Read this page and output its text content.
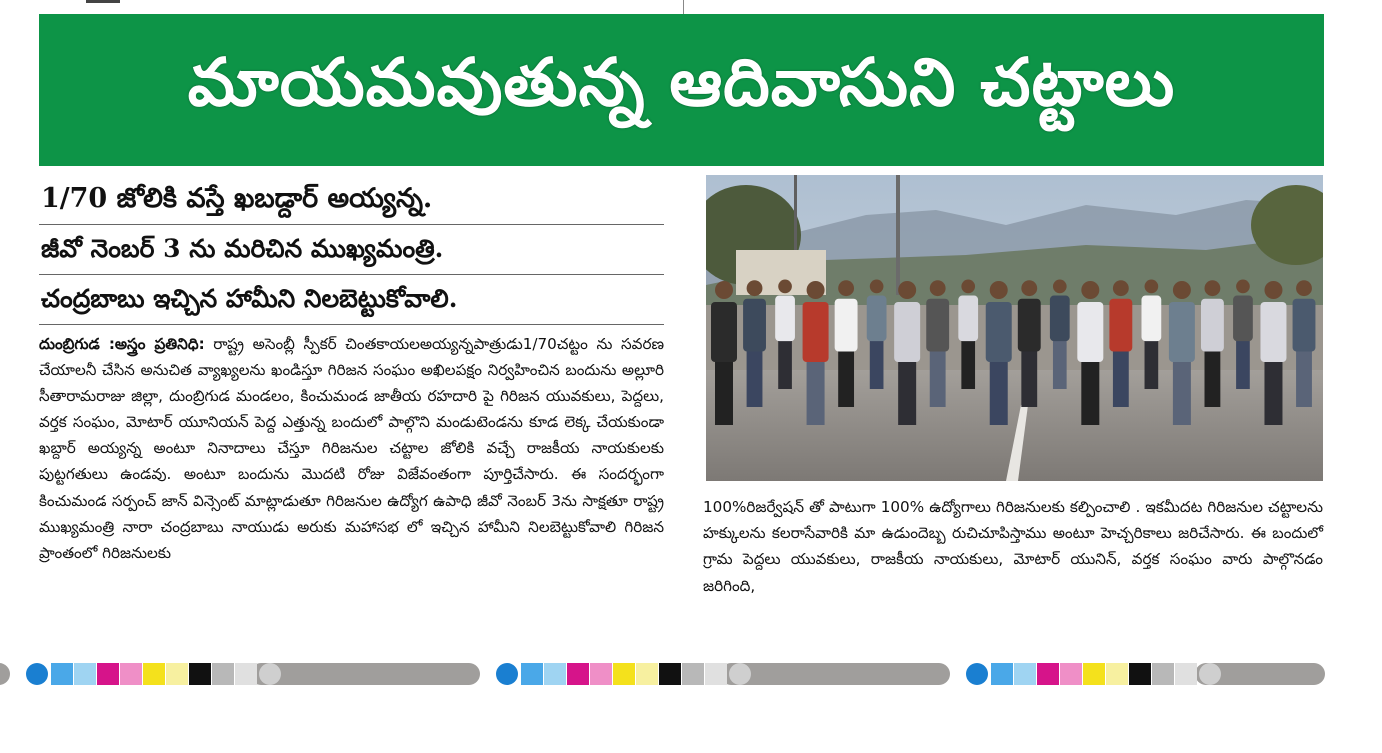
మాయమవుతున్న ఆదివాసుని చట్టాలు
1/70 జోలికి వస్తే ఖబడ్దార్ అయ్యన్న.
జీవో నెంబర్ 3 ను మరిచిన ముఖ్యమంత్రి.
చంద్రబాబు ఇచ్చిన హామీని నిలబెట్టుకోవాలి.
దుంబ్రిగుడ :అస్త్రం ప్రతినిధి: రాష్ట్ర అసెంబ్లీ స్పీకర్ చింతకాయలఅయ్యన్నపాత్రుడు1/70చట్టం ను సవరణ చేయాలనీ చేసిన అనుచిత వ్యాఖ్యలను ఖండిస్తూ గిరిజన సంఘం అఖిలపక్షం నిర్వహించిన బందును అల్లూరి సీతారామరాజు జిల్లా, దుంబ్రిగుడ మండలం, కించుమండ జాతీయ రహదారి పై గిరిజన యువకులు, పెద్దలు, వర్తక సంఘం, మోటార్ యూనియన్ పెద్ద ఎత్తున్న బందులో పాల్గొని మండుటెండను కూడ లెక్క చేయకుండా ఖబ్దార్ అయ్యన్న అంటూ నినాదాలు చేస్తూ గిరిజనుల చట్టాల జోలికి వచ్చే రాజకీయ నాయకులకు పుట్టగతులు ఉండవు. అంటూ బందును మొదటి రోజు విజేవంతంగా పూర్తిచేసారు. ఈ సందర్భంగా కించుమండ సర్పంచ్ జాన్ విన్సెంట్ మాట్లాడుతూ గిరిజనుల ఉద్యోగ ఉపాధి జీవో నెంబర్ 3ను సాక్షతూ రాష్ట్ర ముఖ్యమంత్రి నారా చంద్రబాబు నాయుడు అరుకు మహాసభ లో ఇచ్చిన హామీని నిలబెట్టుకోవాలి గిరిజన ప్రాంతంలో గిరిజనులకు
100%రిజర్వేషన్ తో పాటుగా 100% ఉద్యోగాలు గిరిజనులకు కల్పించాలి . ఇకమీదట గిరిజనుల చట్టాలను హక్కులను కలరాసేవారికి మా ఉడుందెబ్బ రుచిచూపిస్తాము అంటూ హెచ్చరికాలు జరిచేసారు. ఈ బందులో గ్రామ పెద్దలు యువకులు, రాజకీయ నాయకులు, మోటార్ యునిన్, వర్తక సంఘం వారు పాల్గొనడం జరిగింది,
